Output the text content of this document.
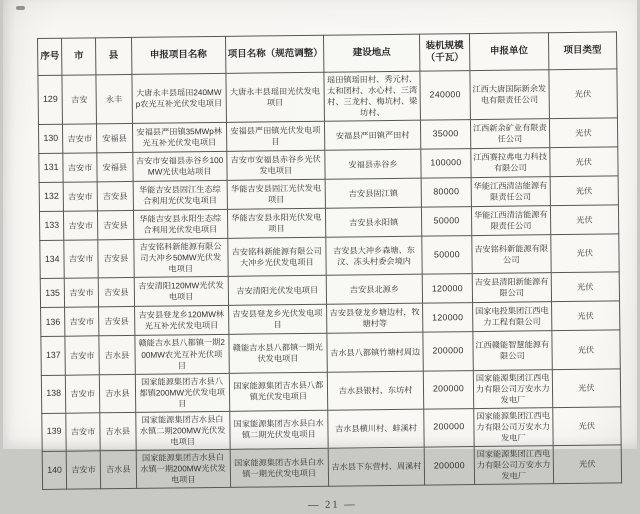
序号	市	县	申报项目名称	项目名称（规范调整）	建设地点	装机规模（千瓦）	申报单位	项目类型
129	吉安	永丰	大唐永丰县瑶田240MWp农光互补光伏发电项目	大唐永丰县瑶田光伏发电项目	瑶田镇瑶田村、秀元村、太和团村、水心村、三湾村、三龙村、梅坑村、梁坊村、	240000	江西大唐国际新余发电有限责任公司	光伏
130	吉安市	安福县	安福县严田镇35MWp林光互补光伏发电项目	安福县严田镇光伏发电项目	安福县严田镇严田村	35000	江西新余矿业有限责任公司	光伏
131	吉安市	安福县	吉安市安福县赤谷乡100MW光伏电站项目	吉安市安福县赤谷乡光伏发电项目	安福县赤谷乡	100000	江西赛拉弗电力科技有限公司	光伏
132	吉安市	吉安县	华能吉安县固江生态综合利用光伏发电项目	华能吉安县固江光伏发电项目	吉安县固江镇	80000	华能江西清洁能源有限责任公司	光伏
133	吉安市	吉安县	华能吉安县永阳生态综合利用光伏发电项目	华能吉安县永阳光伏发电项目	吉安县永阳镇	50000	华能江西清洁能源有限责任公司	光伏
134	吉安市	吉安县	吉安铭科新能源有限公司大冲乡50MW光伏发电项目	吉安铭科新能源有限公司大冲乡光伏发电项目	吉安县大冲乡森塘、东汶、冻头村委会境内	50000	吉安铭科新能源有限公司	光伏
135	吉安市	吉安县	吉安清阳120MW光伏发电项目	吉安清阳光伏发电项目	吉安县北源乡	120000	吉安县清阳新能源有限公司	光伏
136	吉安市	吉安县	吉安县登龙乡120MW林光互补光伏发电项目	吉安县登龙乡光伏发电项目	吉安县登龙乡塘边村，牧塘村等	120000	国家电投集团江西电力工程有限公司	光伏
137	吉安市	吉水县	赣能吉水县八都镇一期200MW农光互补光伏项目	赣能吉水县八都镇一期光伏发电项目	吉水县八都镇竹塘村周边	200000	江西赣能智慧能源有限公司	光伏
138	吉安市	吉水县	国家能源集团吉水县八都镇200MW光伏发电项目	国家能源集团吉水县八都镇光伏发电项目	吉水县银村、东坊村	200000	国家能源集团江西电力有限公司万安水力发电厂	光伏
139	吉安市	吉水县	国家能源集团吉水县白水镇二期200MW光伏发电项目	国家能源集团吉水县白水镇二期光伏发电项目	吉水县横川村、蚌溪村	200000	国家能源集团江西电力有限公司万安水力发电厂	光伏
140	吉安市	吉水县	国家能源集团吉水县白水镇一期200MW光伏发电项目	国家能源集团吉水县白水镇一期光伏发电项目	吉水县下东营村、周溪村	200000	国家能源集团江西电力有限公司万安水力发电厂	光伏
— 21 —
